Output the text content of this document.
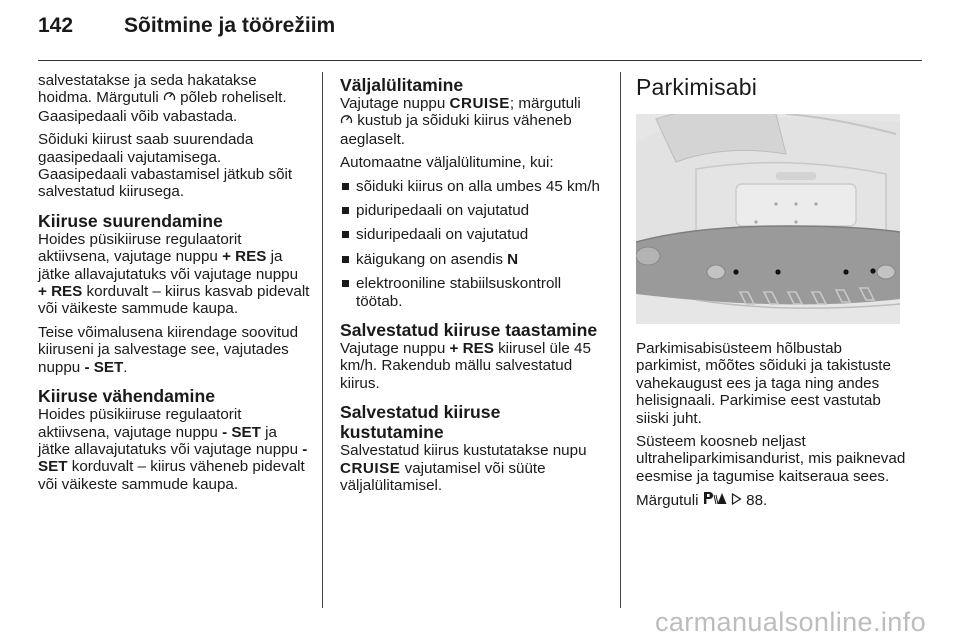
142	Sõitmine ja töörežiim

salvestatakse ja seda hakatakse hoidma. Märgutuli  põleb roheliselt. Gaasipedaali võib vabastada.

Sõiduki kiirust saab suurendada gaasipedaali vajutamisega. Gaasipedaali vabastamisel jätkub sõit salvestatud kiirusega.

Kiiruse suurendamine

Hoides püsikiiruse regulaatorit aktiivsena, vajutage nuppu + RES ja jätke allavajutatuks või vajutage nuppu + RES korduvalt – kiirus kasvab pidevalt või väikeste sammude kaupa.

Teise võimalusena kiirendage soovitud kiiruseni ja salvestage see, vajutades nuppu - SET.

Kiiruse vähendamine

Hoides püsikiiruse regulaatorit aktiivsena, vajutage nuppu - SET ja jätke allavajutatuks või vajutage nuppu - SET korduvalt – kiirus väheneb pidevalt või väikeste sammude kaupa.

Väljalülitamine

Vajutage nuppu CRUISE; märgutuli
kustub ja sõiduki kiirus väheneb aeglaselt.

Automaatne väljalülitumine, kui:

sõiduki kiirus on alla umbes 45 km/h
piduripedaali on vajutatud
siduripedaali on vajutatud
käigukang on asendis N
elektrooniline stabiilsuskontroll töötab.
Salvestatud kiiruse taastamine

Vajutage nuppu + RES kiirusel üle 45 km/h. Rakendub mällu salvestatud kiirus.

Salvestatud kiiruse kustutamine

Salvestatud kiirus kustutatakse nupu CRUISE vajutamisel või süüte väljalülitamisel.

Parkimisabi

Parkimisabisüsteem hõlbustab parkimist, mõõtes sõiduki ja takistuste vahekaugust ees ja taga ning andes helisignaali. Parkimise eest vastutab siiski juht.

Süsteem koosneb neljast ultraheliparkimisandurist, mis paiknevad eesmise ja tagumise kaitseraua sees.

Märgutuli	88.

carmanualsonline.info
